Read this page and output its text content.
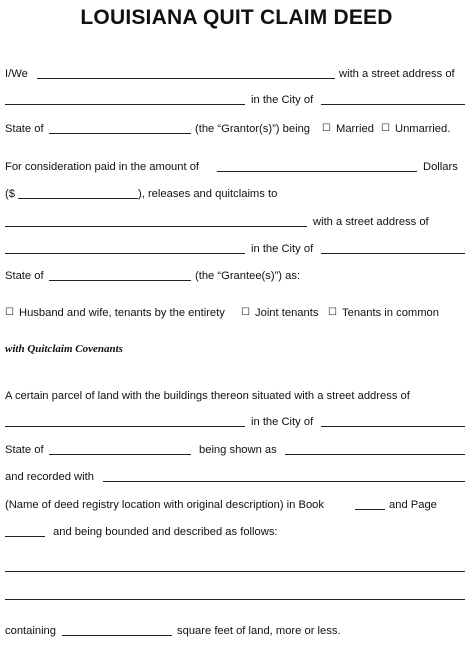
LOUISIANA QUIT CLAIM DEED
I/We	with a street address of
in the City of
State of	(the “Grantor(s)”) being ☐ Married ☐ Unmarried.
For consideration paid in the amount of	Dollars
($	), releases and quitclaims to
with a street address of
in the City of
State of	(the “Grantee(s)”) as:
☐ Husband and wife, tenants by the entirety ☐ Joint tenants ☐ Tenants in common
with Quitclaim Covenants
A certain parcel of land with the buildings thereon situated with a street address of
in the City of
State of	being shown as
and recorded with
(Name of deed registry location with original description) in Book	and Page
and being bounded and described as follows:
containing	square feet of land, more or less.
